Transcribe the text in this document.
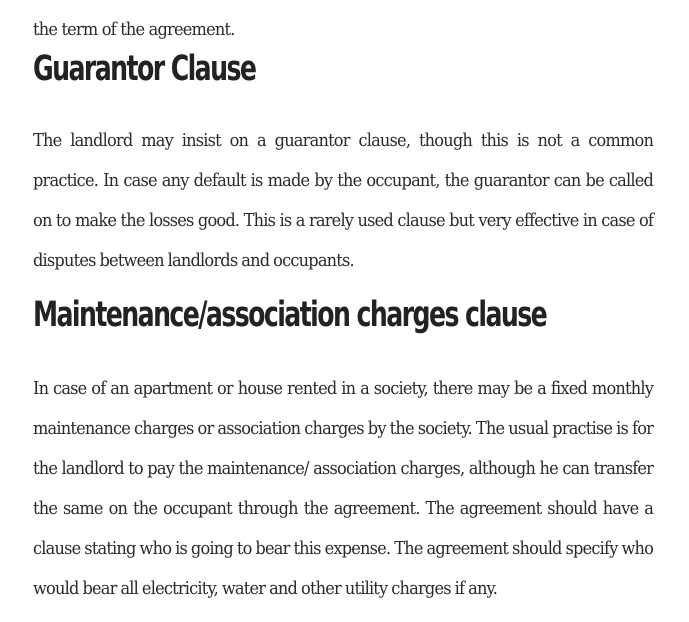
the term of the agreement.

Guarantor Clause

The landlord may insist on a guarantor clause, though this is not a common practice. In case any default is made by the occupant, the guarantor can be called on to make the losses good. This is a rarely used clause but very effective in case of disputes between landlords and occupants.

Maintenance/association charges clause

In case of an apartment or house rented in a society, there may be a fixed monthly maintenance charges or association charges by the society. The usual practise is for the landlord to pay the maintenance/ association charges, although he can transfer the same on the occupant through the agreement. The agreement should have a clause stating who is going to bear this expense. The agreement should specify who would bear all electricity, water and other utility charges if any.
